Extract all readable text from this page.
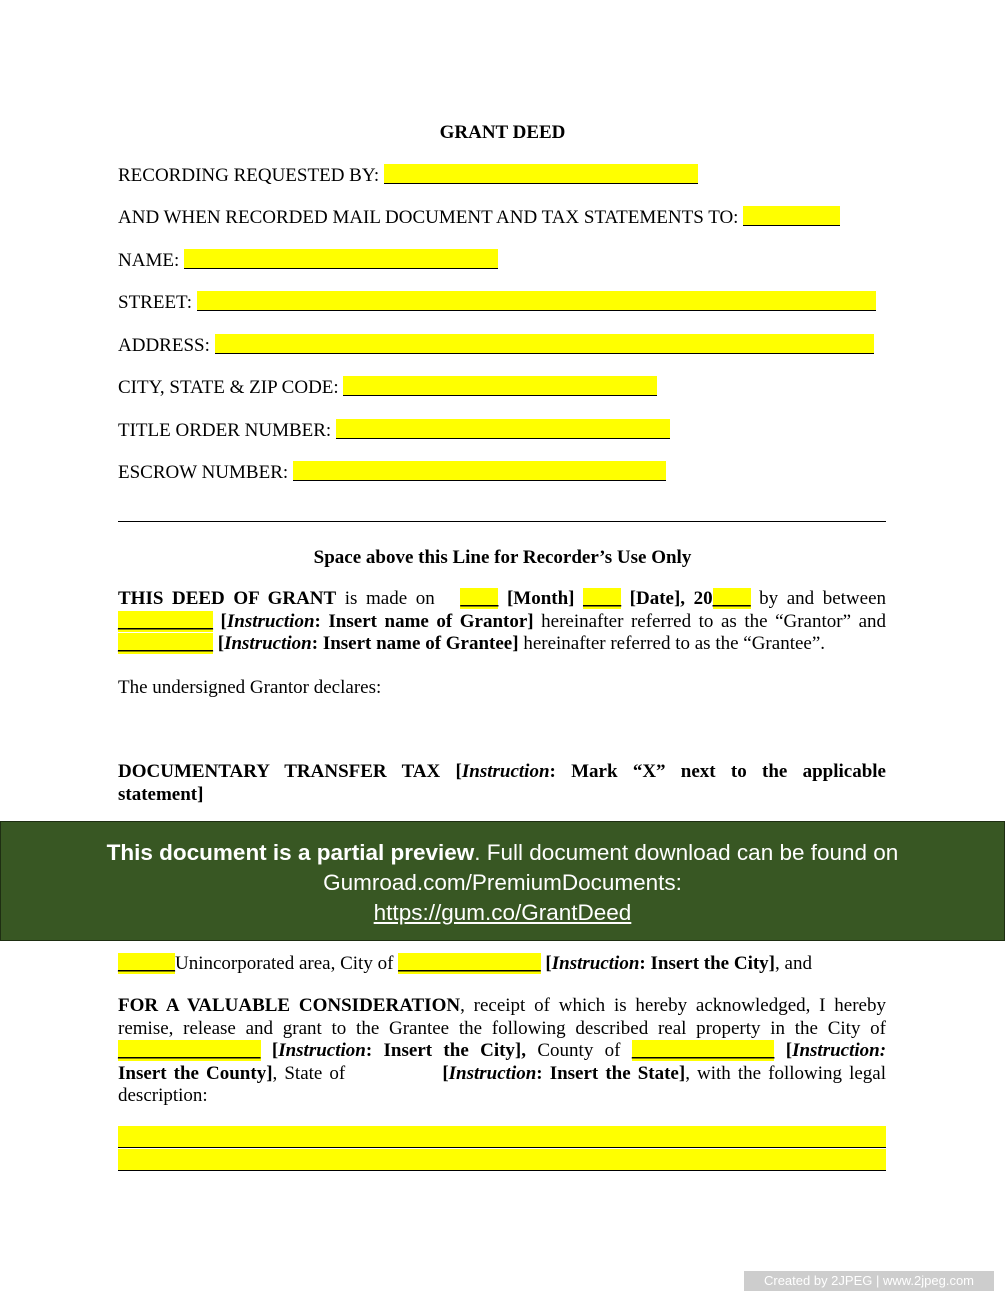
GRANT DEED
RECORDING REQUESTED BY:
AND WHEN RECORDED MAIL DOCUMENT AND TAX STATEMENTS TO:
NAME:
STREET:
ADDRESS:
CITY, STATE & ZIP CODE:
TITLE ORDER NUMBER:
ESCROW NUMBER:
Space above this Line for Recorder’s Use Only
THIS DEED OF GRANT is made on ____ [Month] ____ [Date], 20____ by and between
__________ [Instruction: Insert name of Grantor] hereinafter referred to as the “Grantor” and
__________ [Instruction: Insert name of Grantee] hereinafter referred to as the “Grantee”.
The undersigned Grantor declares:
DOCUMENTARY TRANSFER TAX [Instruction: Mark “X” next to the applicable
statement]
This document is a partial preview. Full document download can be found on
Gumroad.com/PremiumDocuments:
https://gum.co/GrantDeed
______Unincorporated area, City of _______________ [Instruction: Insert the City], and
FOR A VALUABLE CONSIDERATION, receipt of which is hereby acknowledged, I hereby
remise, release and grant to the Grantee the following described real property in the City of
_______________ [Instruction: Insert the City], County of _______________ [Instruction:
Insert the County], State of	[Instruction: Insert the State], with the following legal
description:
Created by 2JPEG | www.2jpeg.com
